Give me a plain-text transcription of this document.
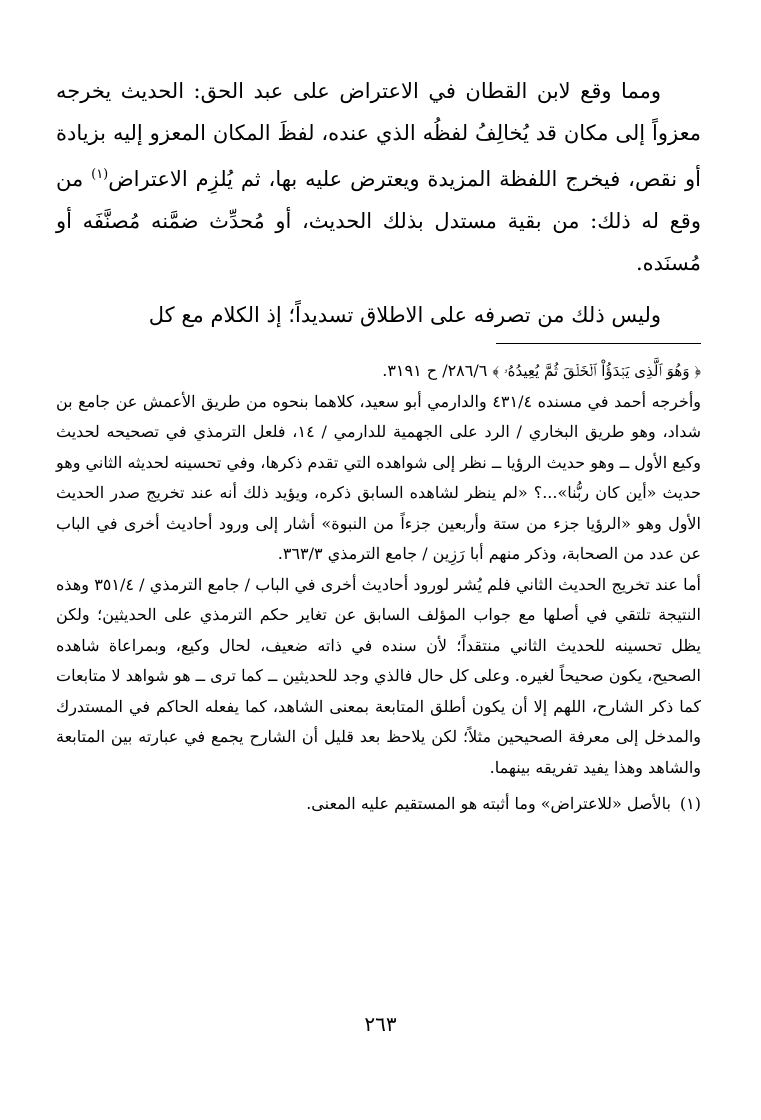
ومما وقع لابن القطان في الاعتراض على عبد الحق: الحديث يخرجه معزواً إلى مكان قد يُخالِفُ لفظُه الذي عنده، لفظَ المكان المعزو إليه بزيادة أو نقص، فيخرج اللفظة المزيدة ويعترض عليه بها، ثم يُلزِم الاعتراض$^{(١)}$ من وقع له ذلك: من بقية مستدل بذلك الحديث، أو مُحدِّث ضمَّنه مُصنَّفَه أو مُسنَده.

وليس ذلك من تصرفه على الاطلاق تسديداً؛ إذ الكلام مع كل

﴿ وَهُوَ ٱلَّذِى يَبۡدَؤُاْ ٱلۡخَلۡقَ ثُمَّ يُعِيدُهُۥ ﴾ ٢٨٦/٦/ ح ٣١٩١.

وأخرجه أحمد في مسنده ٤٣١/٤ والدارمي أبو سعيد، كلاهما بنحوه من طريق الأعمش عن جامع بن شداد، وهو طريق البخاري / الرد على الجهمية للدارمي / ١٤، فلعل الترمذي في تصحيحه لحديث وكيع الأول ــ وهو حديث الرؤيا ــ نظر إلى شواهده التي تقدم ذكرها، وفي تحسينه لحديثه الثاني وهو حديث «أين كان ربُّنا»...؟ «لم ينظر لشاهده السابق ذكره، ويؤيد ذلك أنه عند تخريج صدر الحديث الأول وهو «الرؤيا جزء من ستة وأربعين جزءاً من النبوة» أشار إلى ورود أحاديث أخرى في الباب عن عدد من الصحابة، وذكر منهم أبا رَزِين / جامع الترمذي ٣٦٣/٣.

أما عند تخريج الحديث الثاني فلم يُشر لورود أحاديث أخرى في الباب / جامع الترمذي / ٣٥١/٤ وهذه النتيجة تلتقي في أصلها مع جواب المؤلف السابق عن تغاير حكم الترمذي على الحديثين؛ ولكن يظل تحسينه للحديث الثاني منتقداً؛ لأن سنده في ذاته ضعيف، لحال وكيع، وبمراعاة شاهده الصحيح، يكون صحيحاً لغيره. وعلى كل حال فالذي وجد للحديثين ــ كما ترى ــ هو شواهد لا متابعات كما ذكر الشارح، اللهم إلا أن يكون أطلق المتابعة بمعنى الشاهد، كما يفعله الحاكم في المستدرك والمدخل إلى معرفة الصحيحين مثلاً؛ لكن يلاحظ بعد قليل أن الشارح يجمع في عبارته بين المتابعة والشاهد وهذا يفيد تفريقه بينهما.

(١)بالأصل «للاعتراض» وما أثبته هو المستقيم عليه المعنى.

٢٦٣
